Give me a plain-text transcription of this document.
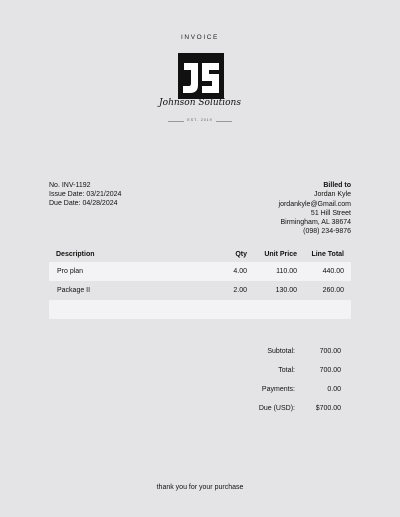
INVOICE
Johnson Solutions
EST. 2019
No. INV-1192
Issue Date: 03/21/2024
Due Date: 04/28/2024
Billed to
Jordan Kyle
jordankyle@Gmail.com
51 Hill Street
Birmingham, AL 38674
(098) 234-9876
Description	Qty	Unit Price	Line Total
Pro plan	4.00	110.00	440.00
Package II	2.00	130.00	260.00
Subtotal:	700.00
Total:	700.00
Payments:	0.00
Due (USD):	$700.00
thank you for your purchase
